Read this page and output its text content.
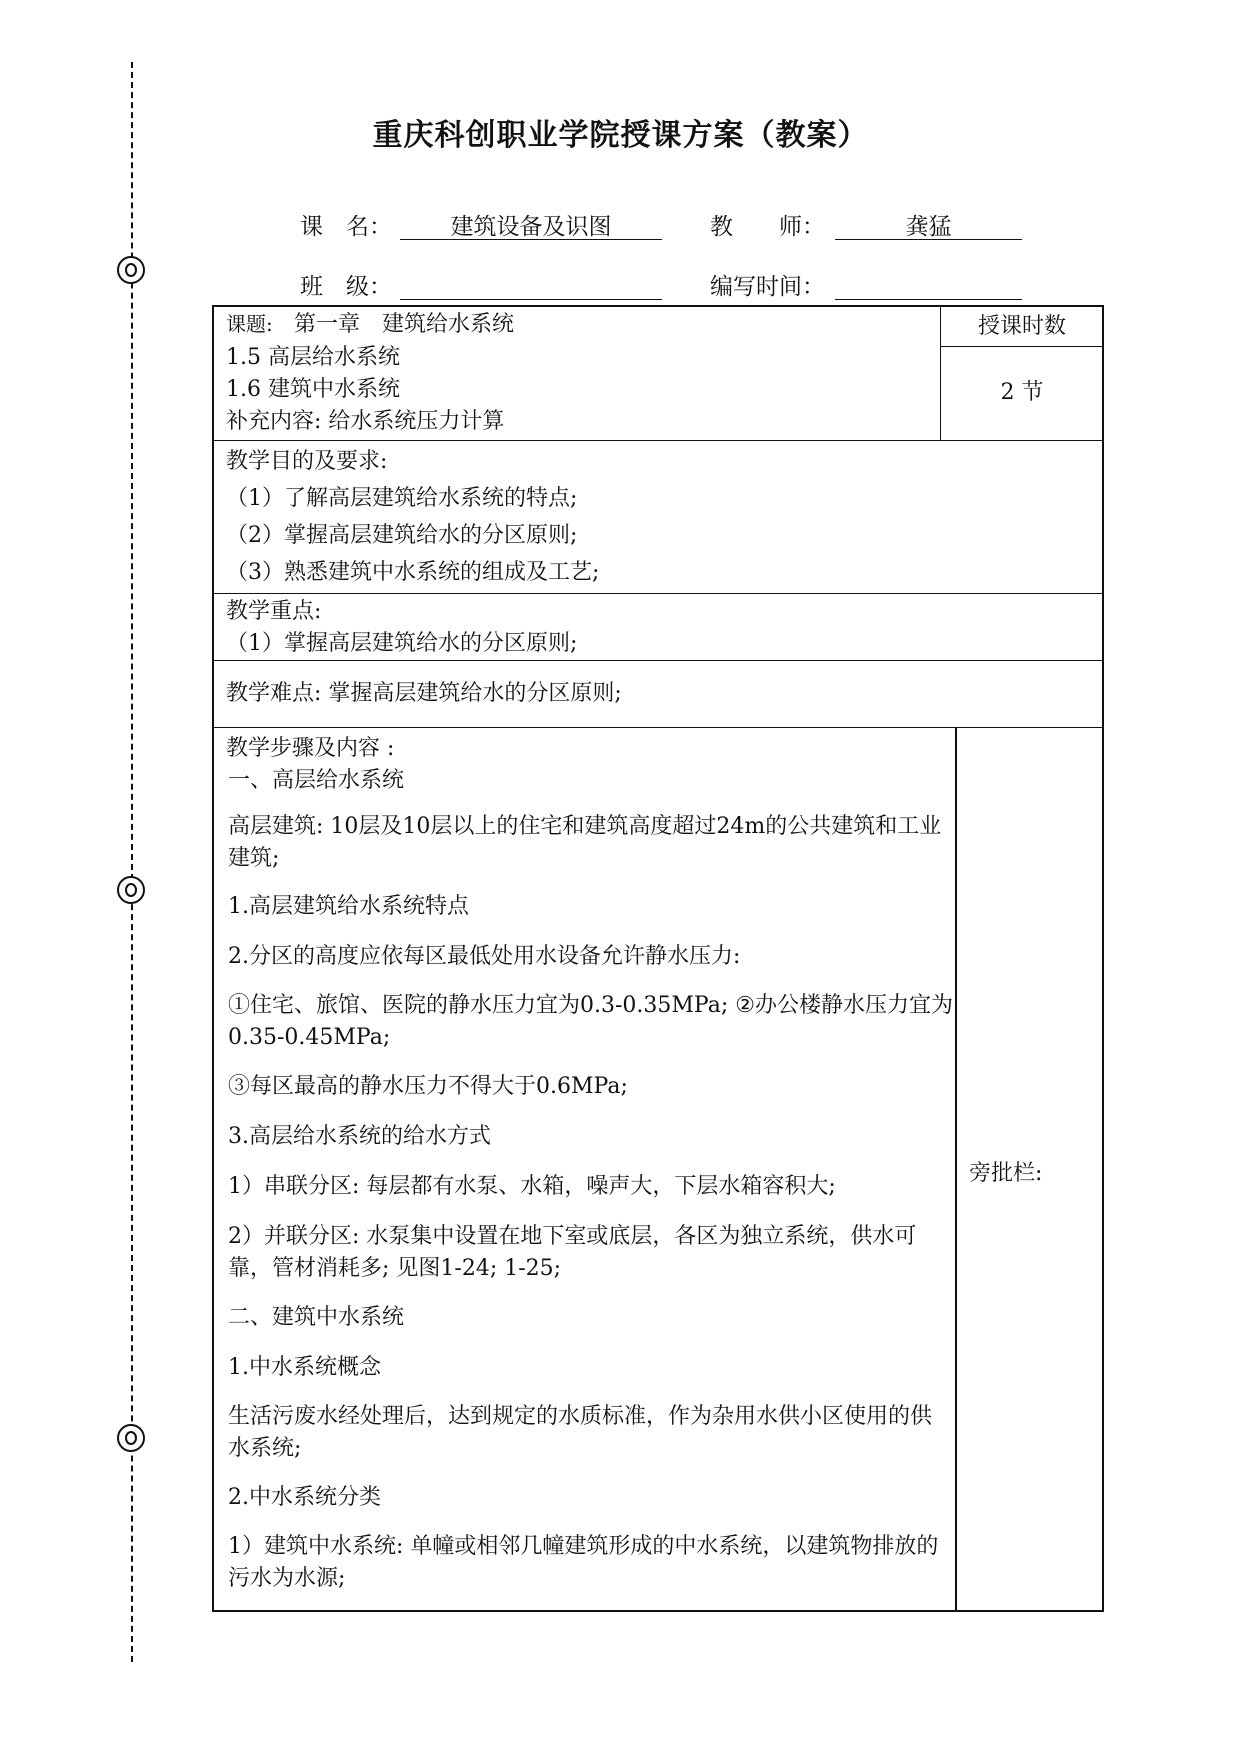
重庆科创职业学院授课方案（教案）
课　名：	建筑设备及识图	教　　师：	龚猛
班　级：	编写时间：
课题: 第一章　建筑给水系统
1.5 高层给水系统
1.6 建筑中水系统
补充内容: 给水系统压力计算
授课时数
2 节
教学目的及要求:
（1）了解高层建筑给水系统的特点;
（2）掌握高层建筑给水的分区原则;
（3）熟悉建筑中水系统的组成及工艺;
教学重点:
（1）掌握高层建筑给水的分区原则;
教学难点: 掌握高层建筑给水的分区原则;
教学步骤及内容 :
一、高层给水系统
高层建筑: 10层及10层以上的住宅和建筑高度超过24m的公共建筑和工业建筑;
1.高层建筑给水系统特点
2.分区的高度应依每区最低处用水设备允许静水压力:
①住宅、旅馆、医院的静水压力宜为0.3-0.35MPa; ②办公楼静水压力宜为0.35-0.45MPa;
③每区最高的静水压力不得大于0.6MPa;
3.高层给水系统的给水方式
1）串联分区: 每层都有水泵、水箱，噪声大，下层水箱容积大;
2）并联分区: 水泵集中设置在地下室或底层，各区为独立系统，供水可靠，管材消耗多; 见图1-24; 1-25;
二、建筑中水系统
1.中水系统概念
生活污废水经处理后，达到规定的水质标准，作为杂用水供小区使用的供水系统;
2.中水系统分类
1）建筑中水系统: 单幢或相邻几幢建筑形成的中水系统，以建筑物排放的污水为水源;
旁批栏:
